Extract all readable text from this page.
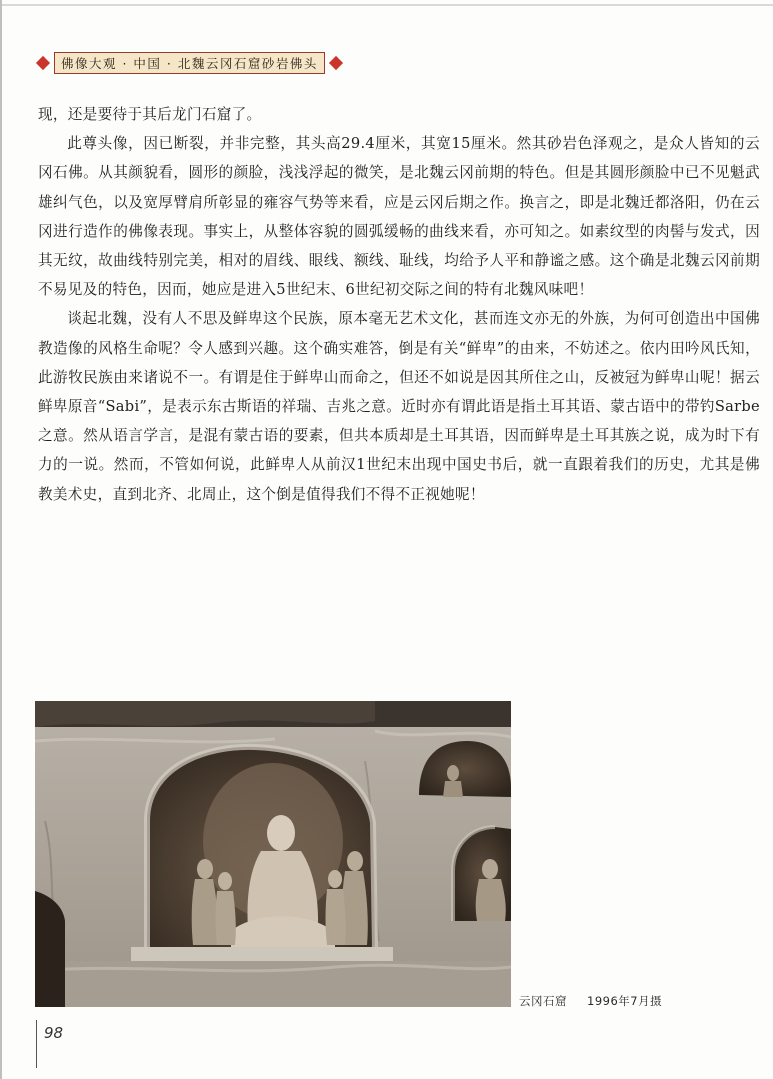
佛像大观 · 中国 · 北魏云冈石窟砂岩佛头

现，还是要待于其后龙门石窟了。

此尊头像，因已断裂，并非完整，其头高29.4厘米，其宽15厘米。然其砂岩色泽观之，是众人皆知的云冈石佛。从其颜貌看，圆形的颜脸，浅浅浮起的微笑，是北魏云冈前期的特色。但是其圆形颜脸中已不见魁武雄纠气色，以及宽厚臂肩所彰显的雍容气势等来看，应是云冈后期之作。换言之，即是北魏迁都洛阳，仍在云冈进行造作的佛像表现。事实上，从整体容貌的圆弧缓畅的曲线来看，亦可知之。如素纹型的肉髻与发式，因其无纹，故曲线特别完美，相对的眉线、眼线、额线、耻线，均给予人平和静谧之感。这个确是北魏云冈前期不易见及的特色，因而，她应是进入5世纪末、6世纪初交际之间的特有北魏风味吧！

谈起北魏，没有人不思及鲜卑这个民族，原本毫无艺术文化，甚而连文亦无的外族，为何可创造出中国佛教造像的风格生命呢？令人感到兴趣。这个确实难答，倒是有关“鲜卑”的由来，不妨述之。依内田吟风氏知，此游牧民族由来诸说不一。有谓是住于鲜卑山而命之，但还不如说是因其所住之山，反被冠为鲜卑山呢！据云鲜卑原音“Sabi”，是表示东古斯语的祥瑞、吉兆之意。近时亦有谓此语是指土耳其语、蒙古语中的带钓Sarbe之意。然从语言学言，是混有蒙古语的要素，但共本质却是土耳其语，因而鲜卑是土耳其族之说，成为时下有力的一说。然而，不管如何说，此鲜卑人从前汉1世纪末出现中国史书后，就一直跟着我们的历史，尤其是佛教美术史，直到北齐、北周止，这个倒是值得我们不得不正视她呢！

云冈石窟 1996年7月摄
98
